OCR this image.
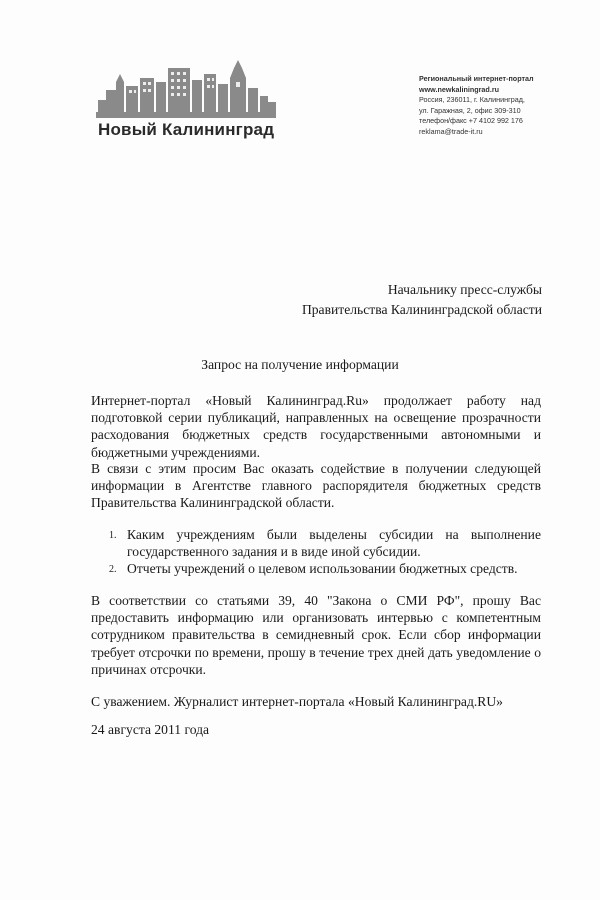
Новый Калининград
Региональный интернет-портал
www.newkaliningrad.ru
Россия, 236011, г. Калининград,
ул. Гаражная, 2, офис 309-310
телефон/факс +7 4102 992 176
reklama@trade-it.ru
Начальнику пресс-службы
Правительства Калининградской области
Запрос на получение информации
Интернет-портал «Новый Калининград.Ru» продолжает работу над подготовкой серии публикаций, направленных на освещение прозрачности расходования бюджетных средств государственными автономными и бюджетными учреждениями.
В связи с этим просим Вас оказать содействие в получении следующей информации в Агентстве главного распорядителя бюджетных средств Правительства Калининградской области.
1. Каким учреждениям были выделены субсидии на выполнение государственного задания и в виде иной субсидии.
2. Отчеты учреждений о целевом использовании бюджетных средств.
В соответствии со статьями 39, 40 "Закона о СМИ РФ", прошу Вас предоставить информацию или организовать интервью с компетентным сотрудником правительства в семидневный срок. Если сбор информации требует отсрочки по времени, прошу в течение трех дней дать уведомление о причинах отсрочки.
С уважением. Журналист интернет-портала «Новый Калининград.RU»
24 августа 2011 года
